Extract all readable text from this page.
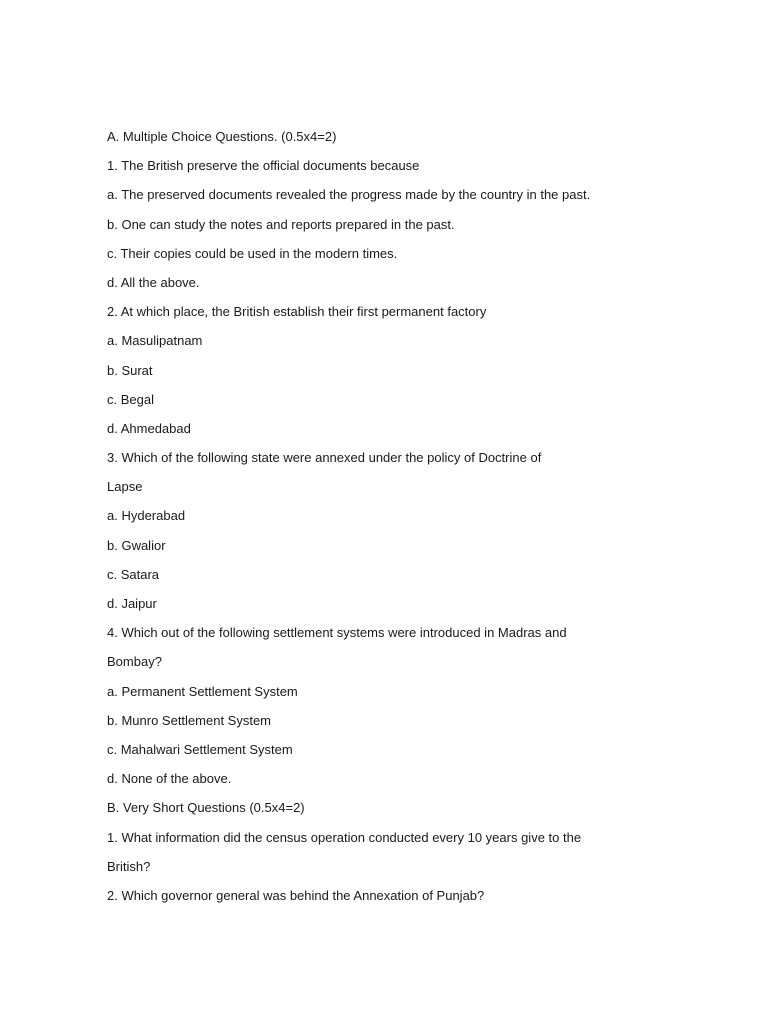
A. Multiple Choice Questions. (0.5x4=2)
1. The British preserve the official documents because
a. The preserved documents revealed the progress made by the country in the past.
b. One can study the notes and reports prepared in the past.
c. Their copies could be used in the modern times.
d. All the above.
2. At which place, the British establish their first permanent factory
a. Masulipatnam
b. Surat
c. Begal
d. Ahmedabad
3. Which of the following state were annexed under the policy of Doctrine of
Lapse
a. Hyderabad
b. Gwalior
c. Satara
d. Jaipur
4. Which out of the following settlement systems were introduced in Madras and
Bombay?
a. Permanent Settlement System
b. Munro Settlement System
c. Mahalwari Settlement System
d. None of the above.
B. Very Short Questions (0.5x4=2)
1. What information did the census operation conducted every 10 years give to the
British?
2. Which governor general was behind the Annexation of Punjab?
